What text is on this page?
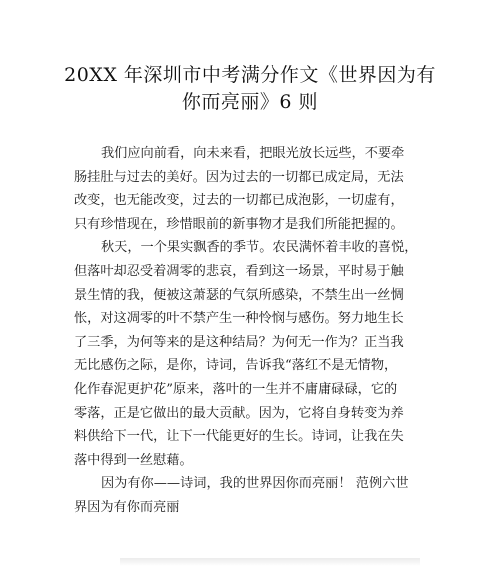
20XX 年深圳市中考满分作文《世界因为有
你而亮丽》6 则
我们应向前看，向未来看，把眼光放长远些，不要牵
肠挂肚与过去的美好。因为过去的一切都已成定局，无法
改变，也无能改变，过去的一切都已成泡影，一切虚有，
只有珍惜现在，珍惜眼前的新事物才是我们所能把握的。
秋天，一个果实飘香的季节。农民满怀着丰收的喜悦，
但落叶却忍受着凋零的悲哀，看到这一场景，平时易于触
景生情的我，便被这萧瑟的气氛所感染，不禁生出一丝惆
怅，对这凋零的叶不禁产生一种怜悯与感伤。努力地生长
了三季，为何等来的是这种结局？为何无一作为？正当我
无比感伤之际，是你，诗词，告诉我“落红不是无情物，
化作春泥更护花”原来，落叶的一生并不庸庸碌碌，它的
零落，正是它做出的最大贡献。因为，它将自身转变为养
料供给下一代，让下一代能更好的生长。诗词，让我在失
落中得到一丝慰藉。
因为有你——诗词，我的世界因你而亮丽！ 范例六世
界因为有你而亮丽
